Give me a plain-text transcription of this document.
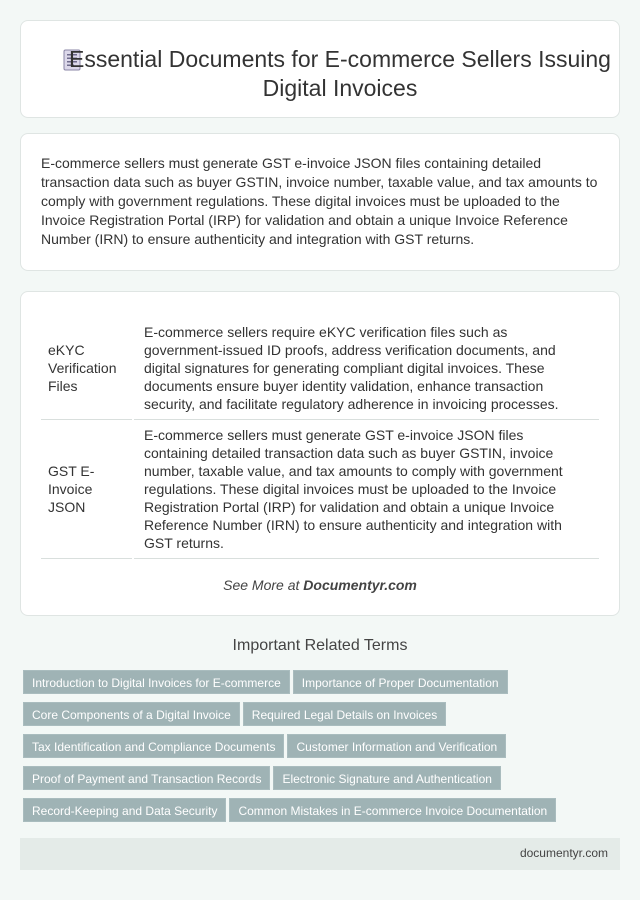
Essential Documents for E-commerce Sellers Issuing Digital Invoices

E-commerce sellers must generate GST e-invoice JSON files containing detailed transaction data such as buyer GSTIN, invoice number, taxable value, and tax amounts to comply with government regulations. These digital invoices must be uploaded to the Invoice Registration Portal (IRP) for validation and obtain a unique Invoice Reference Number (IRN) to ensure authenticity and integration with GST returns.

eKYC Verification Files	E-commerce sellers require eKYC verification files such as government-issued ID proofs, address verification documents, and digital signatures for generating compliant digital invoices. These documents ensure buyer identity validation, enhance transaction security, and facilitate regulatory adherence in invoicing processes.
GST E-Invoice JSON	E-commerce sellers must generate GST e-invoice JSON files containing detailed transaction data such as buyer GSTIN, invoice number, taxable value, and tax amounts to comply with government regulations. These digital invoices must be uploaded to the Invoice Registration Portal (IRP) for validation and obtain a unique Invoice Reference Number (IRN) to ensure authenticity and integration with GST returns.
See More at Documentyr.com
Important Related Terms
Introduction to Digital Invoices for E-commerce Importance of Proper Documentation
Core Components of a Digital Invoice Required Legal Details on Invoices
Tax Identification and Compliance Documents Customer Information and Verification
Proof of Payment and Transaction Records Electronic Signature and Authentication
Record-Keeping and Data Security Common Mistakes in E-commerce Invoice Documentation
documentyr.com
